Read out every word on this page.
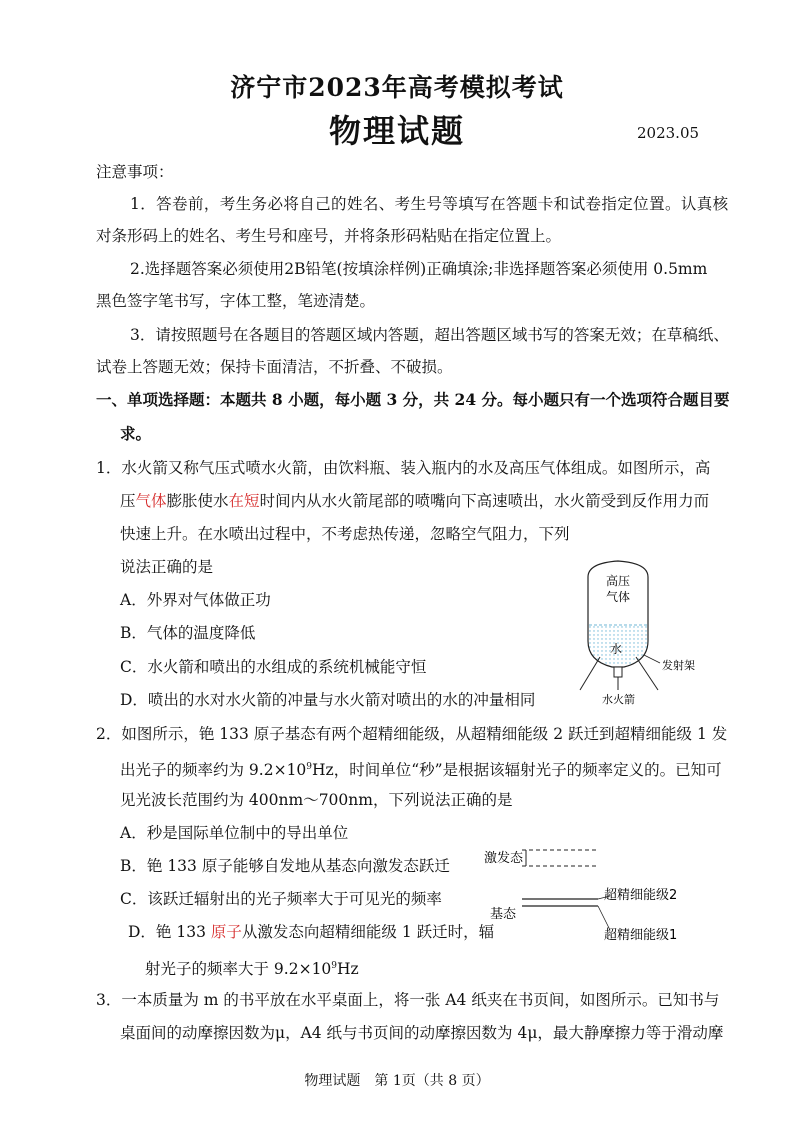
济宁市2023年高考模拟考试
物理试题	2023.05
注意事项：
1．答卷前，考生务必将自己的姓名、考生号等填写在答题卡和试卷指定位置。认真核
对条形码上的姓名、考生号和座号，并将条形码粘贴在指定位置上。
2.选择题答案必须使用2B铅笔(按填涂样例)正确填涂;非选择题答案必须使用 0.5mm
黑色签字笔书写，字体工整，笔迹清楚。
3．请按照题号在各题目的答题区域内答题，超出答题区域书写的答案无效；在草稿纸、
试卷上答题无效；保持卡面清洁，不折叠、不破损。
一、单项选择题：本题共 8 小题，每小题 3 分，共 24 分。每小题只有一个选项符合题目要
求。
1．水火箭又称气压式喷水火箭，由饮料瓶、装入瓶内的水及高压气体组成。如图所示，高
压气体膨胀使水在短时间内从水火箭尾部的喷嘴向下高速喷出，水火箭受到反作用力而
快速上升。在水喷出过程中，不考虑热传递，忽略空气阻力，下列
说法正确的是
A．外界对气体做正功
B．气体的温度降低
C．水火箭和喷出的水组成的系统机械能守恒
D．喷出的水对水火箭的冲量与水火箭对喷出的水的冲量相同
高压
气体
水
发射架
水火箭
2．如图所示，铯 133 原子基态有两个超精细能级，从超精细能级 2 跃迁到超精细能级 1 发
出光子的频率约为 $9.2\times 10^9Hz$，时间单位“秒”是根据该辐射光子的频率定义的。已知可
见光波长范围约为 400nm～700nm，下列说法正确的是
A．秒是国际单位制中的导出单位
B．铯 133 原子能够自发地从基态向激发态跃迁
C．该跃迁辐射出的光子频率大于可见光的频率
D．铯 133 原子从激发态向超精细能级 1 跃迁时，辐
射光子的频率大于 $9.2\times 10^9Hz$
激发态
基态
超精细能级2
超精细能级1
3．一本质量为 m 的书平放在水平桌面上，将一张 A4 纸夹在书页间，如图所示。已知书与
桌面间的动摩擦因数为μ，A4 纸与书页间的动摩擦因数为 4μ，最大静摩擦力等于滑动摩
物理试题　第 1页（共 8 页）
